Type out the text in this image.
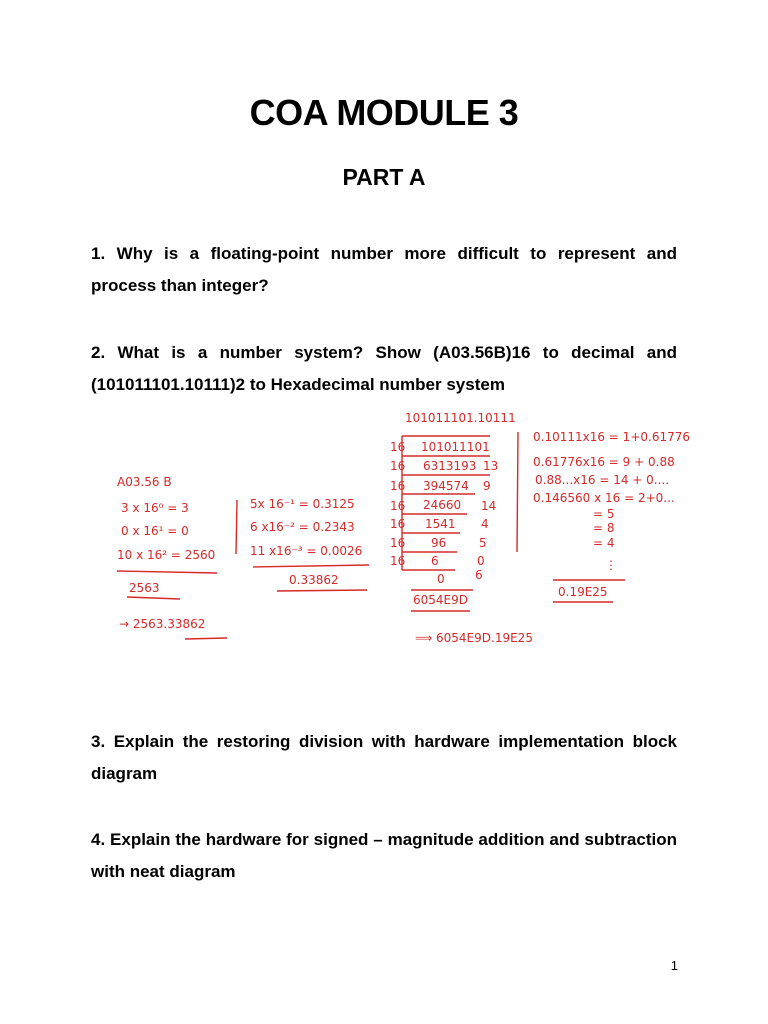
COA MODULE 3
PART A
1. Why is a floating-point number more difficult to represent and process than integer?
2. What is a number system? Show (A03.56B)16 to decimal and (101011101.10111)2 to Hexadecimal number system
A03.56 B
3 x 16⁰ = 3
0 x 16¹ = 0
10 x 16² = 2560
2563
5x 16⁻¹ = 0.3125
6 x16⁻² = 0.2343
11 x16⁻³ = 0.0026
0.33862
→ 2563.33862
101011101.10111
16
16
16
16
16
16
16
101011101
6313193
394574
24660
1541
96
6
0
13
9
14
4
5
0
6
6054E9D
0.10111x16 = 1+0.61776
0.61776x16 = 9 + 0.88
0.88...x16 = 14 + 0....
0.146560 x 16 = 2+0...
= 5
= 8
= 4
⋮
0.19E25
⟹ 6054E9D.19E25
3. Explain the restoring division with hardware implementation block diagram
4. Explain the hardware for signed – magnitude addition and subtraction with neat diagram
1
